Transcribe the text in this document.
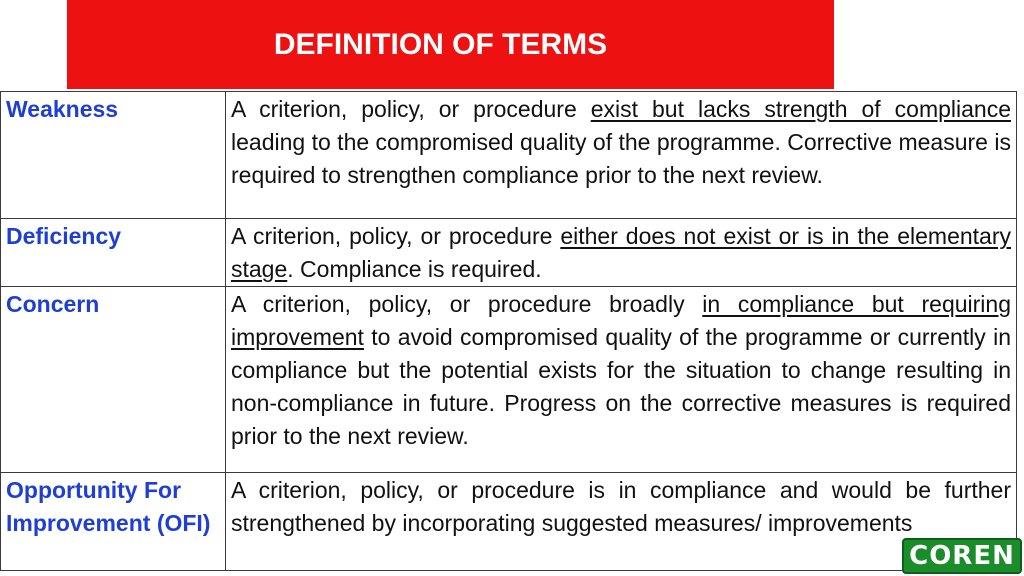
DEFINITION OF TERMS
Weakness	A criterion, policy, or procedure exist but lacks strength of compliance leading to the compromised quality of the programme. Corrective measure is required to strengthen compliance prior to the next review.
Deficiency	A criterion, policy, or procedure either does not exist or is in the elementary stage. Compliance is required.
Concern	A criterion, policy, or procedure broadly in compliance but requiring improvement to avoid compromised quality of the programme or currently in compliance but the potential exists for the situation to change resulting in non-compliance in future. Progress on the corrective measures is required prior to the next review.
Opportunity For Improvement (OFI)	A criterion, policy, or procedure is in compliance and would be further strengthened by incorporating suggested measures/ improvements
COREN
